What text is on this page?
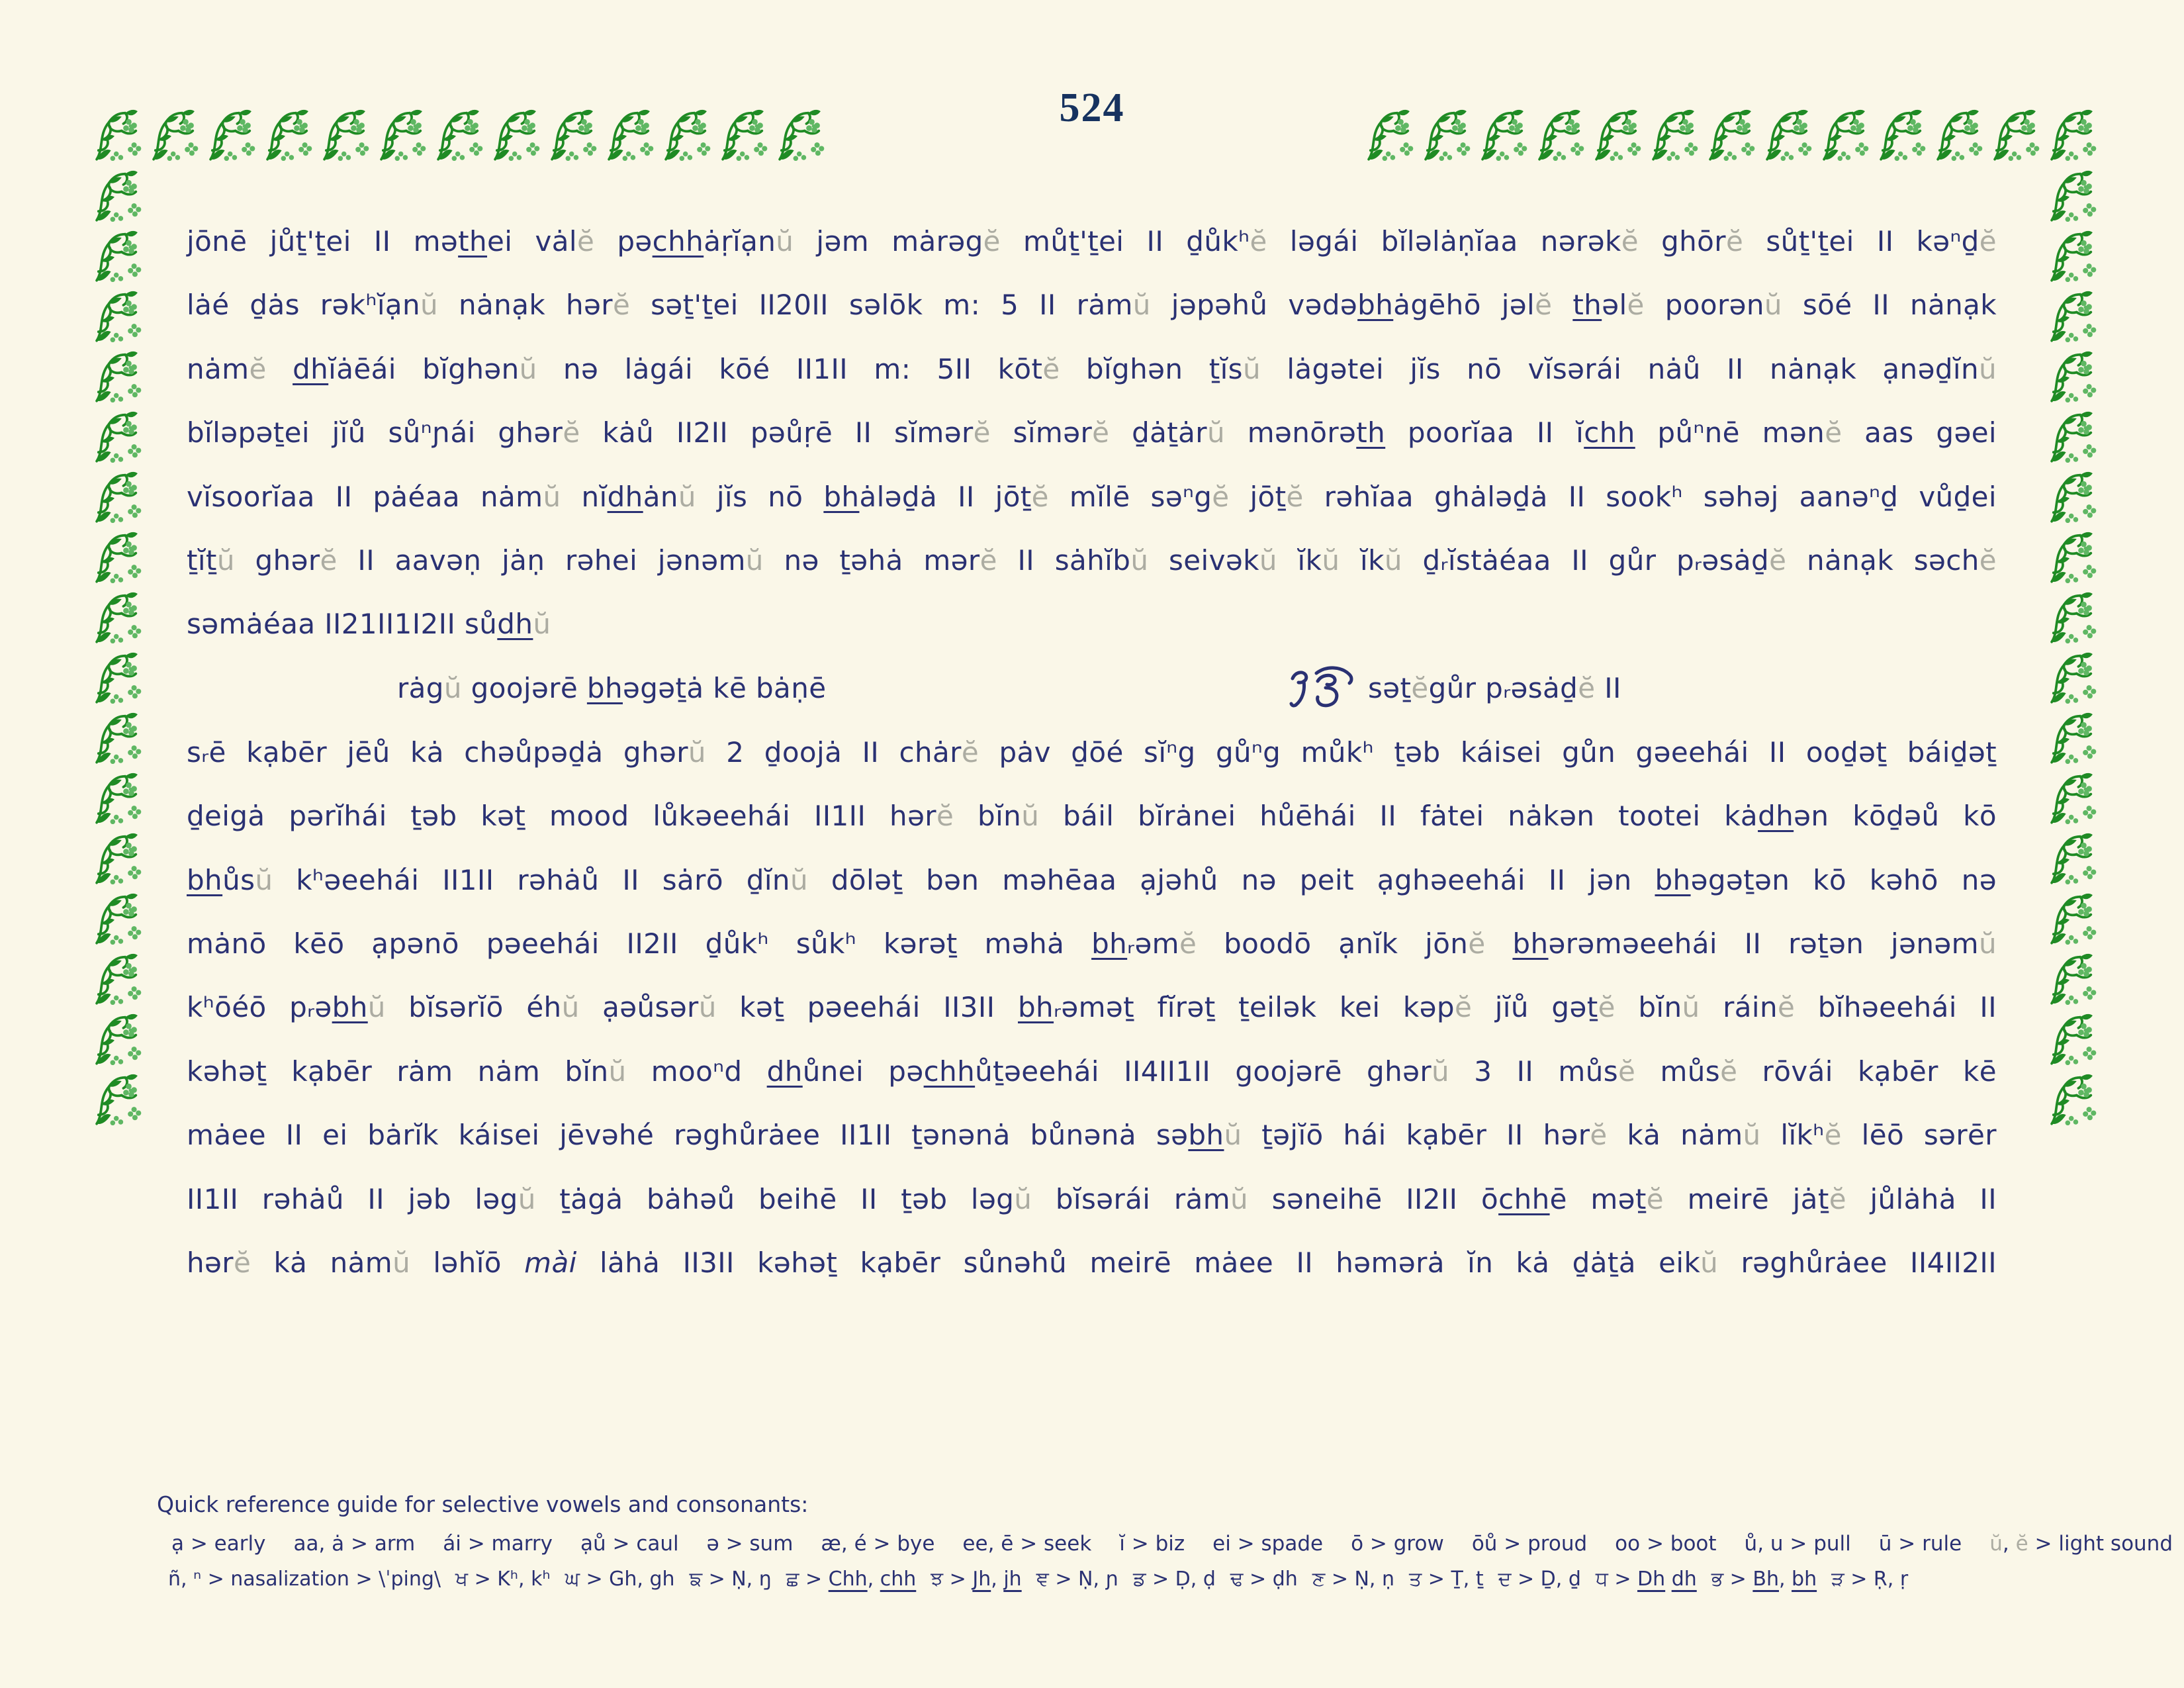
524
jōnē jůṯ'ṯei II məthei vȧlĕ pəchhȧṛĭạnŭ jəm mȧrəgĕ můṯ'ṯei II ḏůkʰĕ ləgái bĭləlȧṇĭaa nərəkĕ ghōrĕ sůṯ'ṯei II kəⁿḏĕ
lȧé ḏȧs rəkʰĭạnŭ nȧnạk hərĕ səṯ'ṯei II20II səlōk m: 5 II rȧmŭ jəpəhů vədəbhȧgēhō jəlĕ thəlĕ poorənŭ sōé II nȧnạk
nȧmĕ dhĭȧēái bĭghənŭ nə lȧgái kōé II1II m: 5II kōtĕ bĭghən ṯĭsŭ lȧgətei jĭs nō vĭsərái nȧů II nȧnạk ạnəḏĭnŭ
bĭləpəṯei jĭů sůⁿɲái ghərĕ kȧů II2II pəůṛē II sĭmərĕ sĭmərĕ ḏȧṯȧrŭ mənōrəth poorĭaa II ĭchh půⁿnē mənĕ aas gəei
vĭsoorĭaa II pȧéaa nȧmŭ nĭdhȧnŭ jĭs nō bhȧləḏȧ II jōṯĕ mĭlē səⁿgĕ jōṯĕ rəhĭaa ghȧləḏȧ II sookʰ səhəj aanəⁿḏ vůḏei
ṯĭṯŭ ghərĕ II aavəṇ jȧṇ rəhei jənəmŭ nə ṯəhȧ mərĕ II sȧhĭbŭ seivəkŭ ĭkŭ ĭkŭ ḏᵣĭstȧéaa II gůr pᵣəsȧḏĕ nȧnạk səchĕ
səmȧéaa II21II1I2II sůdhŭ
rȧgŭ goojərē bhəgəṯȧ kē bȧṇē	səṯĕgůr pᵣəsȧḏĕ II
sᵣē kạbēr jēů kȧ chəůpəḏȧ ghərŭ 2 ḏoojȧ II chȧrĕ pȧv ḏōé sĭⁿg gůⁿg můkʰ ṯəb káisei gůn gəeehái II ooḏəṯ báiḏəṯ
ḏeigȧ pərĭhái ṯəb kəṯ mood lůkəeehái II1II hərĕ bĭnŭ báil bĭrȧnei hůēhái II fȧtei nȧkən tootei kȧdhən kōḏəů kō
bhůsŭ kʰəeehái II1II rəhȧů II sȧrō ḏĭnŭ dōləṯ bən məhēaa ạjəhů nə peit ạghəeehái II jən bhəgəṯən kō kəhō nə
mȧnō kēō ạpənō pəeehái II2II ḏůkʰ sůkʰ kərəṯ məhȧ bhᵣəmĕ boodō ạnĭk jōnĕ bhərəməeehái II rəṯən jənəmŭ
kʰōéō pᵣəbhŭ bĭsərĭō éhŭ ạəůsərŭ kəṯ pəeehái II3II bhᵣəməṯ fĭrəṯ ṯeilək kei kəpĕ jĭů gəṯĕ bĭnŭ ráinĕ bĭhəeehái II
kəhəṯ kạbēr rȧm nȧm bĭnŭ mooⁿd dhůnei pəchhůṯəeehái II4II1II goojərē ghərŭ 3 II můsĕ můsĕ rōvái kạbēr kē
mȧee II ei bȧrĭk káisei jēvəhé rəghůrȧee II1II ṯənənȧ bůnənȧ səbhŭ ṯəjĭō hái kạbēr II hərĕ kȧ nȧmŭ lĭkʰĕ lēō sərēr
II1II rəhȧů II jəb ləgŭ ṯȧgȧ bȧhəů beihē II ṯəb ləgŭ bĭsərái rȧmŭ səneihē II2II ōchhē məṯĕ meirē jȧṯĕ jůlȧhȧ II
hərĕ kȧ nȧmŭ ləhĭō mài lȧhȧ II3II kəhəṯ kạbēr sůnəhů meirē mȧee II həmərȧ ĭn kȧ ḏȧṯȧ eikŭ rəghůrȧee II4II2II
Quick reference guide for selective vowels and consonants:
ạ > early aa, ȧ > arm ái > marry ạů > caul ə > sum æ, é > bye ee, ē > seek ĭ > biz ei > spade ō > grow ōů > proud oo > boot ů, u > pull ū > rule ŭ, ĕ > light sound
ñ, ⁿ > nasalization > \ˈping\ ਖ > Kʰ, kʰ ਘ > Gh, gh ਙ > Ṇ, ŋ ਛ > Chh, chh ਝ > Jh, jh ਞ > Ṇ, ɲ ਡ > Ḍ, ḍ ਢ > ḍh ਣ > Ṇ, ṇ ਤ > Ṯ, ṯ ਦ > Ḏ, ḏ ਧ > Dh dh ਭ > Bh, bh ੜ > Ṛ, ṛ
